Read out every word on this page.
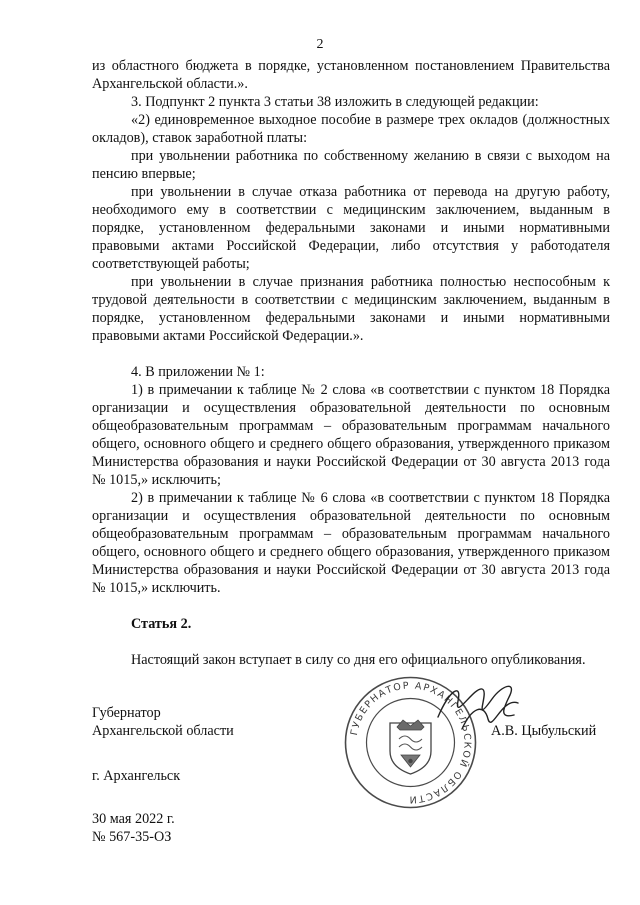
2

из областного бюджета в порядке, установленном постановлением Правительства Архангельской области.».

3. Подпункт 2 пункта 3 статьи 38 изложить в следующей редакции:

«2) единовременное выходное пособие в размере трех окладов (должностных окладов), ставок заработной платы:

при увольнении работника по собственному желанию в связи с выходом на пенсию впервые;

при увольнении в случае отказа работника от перевода на другую работу, необходимого ему в соответствии с медицинским заключением, выданным в порядке, установленном федеральными законами и иными нормативными правовыми актами Российской Федерации, либо отсутствия у работодателя соответствующей работы;

при увольнении в случае признания работника полностью неспособным к трудовой деятельности в соответствии с медицинским заключением, выданным в порядке, установленном федеральными законами и иными нормативными правовыми актами Российской Федерации.».

4. В приложении № 1:

1) в примечании к таблице № 2 слова «в соответствии с пунктом 18 Порядка организации и осуществления образовательной деятельности по основным общеобразовательным программам – образовательным программам начального общего, основного общего и среднего общего образования, утвержденного приказом Министерства образования и науки Российской Федерации от 30 августа 2013 года № 1015,» исключить;

2) в примечании к таблице № 6 слова «в соответствии с пунктом 18 Порядка организации и осуществления образовательной деятельности по основным общеобразовательным программам – образовательным программам начального общего, основного общего и среднего общего образования, утвержденного приказом Министерства образования и науки Российской Федерации от 30 августа 2013 года № 1015,» исключить.

Статья 2.

Настоящий закон вступает в силу со дня его официального опубликования.

Губернатор
Архангельской области	А.В. Цыбульский
ГУБЕРНАТОР АРХАНГЕЛЬСКОЙ ОБЛАСТИ
г. Архангельск
30 мая 2022 г.
№ 567-35-ОЗ
